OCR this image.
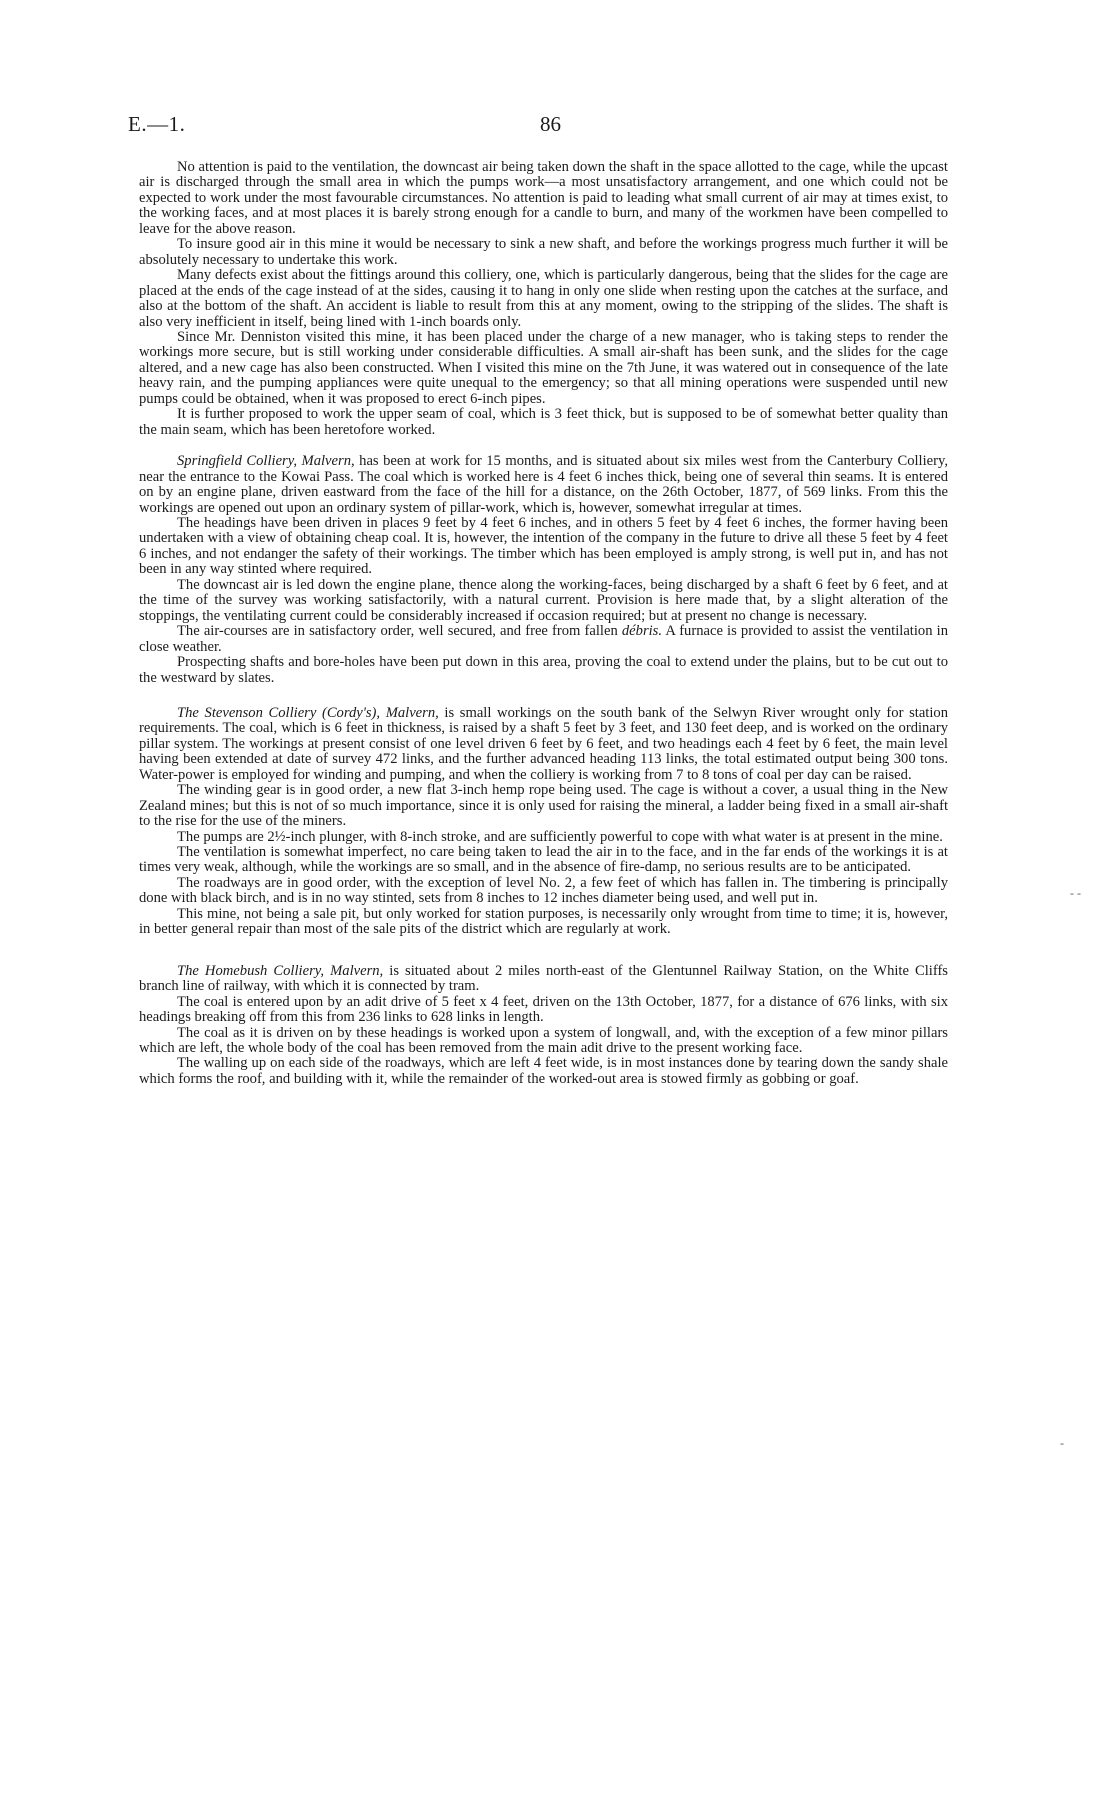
E.—1.	86

No attention is paid to the ventilation, the downcast air being taken down the shaft in the space allotted to the cage, while the upcast air is discharged through the small area in which the pumps work—a most unsatisfactory arrangement, and one which could not be expected to work under the most favourable circumstances. No attention is paid to leading what small current of air may at times exist, to the working faces, and at most places it is barely strong enough for a candle to burn, and many of the workmen have been compelled to leave for the above reason.

To insure good air in this mine it would be necessary to sink a new shaft, and before the workings progress much further it will be absolutely necessary to undertake this work.

Many defects exist about the fittings around this colliery, one, which is particularly dangerous, being that the slides for the cage are placed at the ends of the cage instead of at the sides, causing it to hang in only one slide when resting upon the catches at the surface, and also at the bottom of the shaft. An accident is liable to result from this at any moment, owing to the stripping of the slides. The shaft is also very inefficient in itself, being lined with 1-inch boards only.

Since Mr. Denniston visited this mine, it has been placed under the charge of a new manager, who is taking steps to render the workings more secure, but is still working under considerable difficulties. A small air-shaft has been sunk, and the slides for the cage altered, and a new cage has also been constructed. When I visited this mine on the 7th June, it was watered out in consequence of the late heavy rain, and the pumping appliances were quite unequal to the emergency; so that all mining operations were suspended until new pumps could be obtained, when it was proposed to erect 6-inch pipes.

It is further proposed to work the upper seam of coal, which is 3 feet thick, but is supposed to be of somewhat better quality than the main seam, which has been heretofore worked.

Springfield Colliery, Malvern, has been at work for 15 months, and is situated about six miles west from the Canterbury Colliery, near the entrance to the Kowai Pass. The coal which is worked here is 4 feet 6 inches thick, being one of several thin seams. It is entered on by an engine plane, driven eastward from the face of the hill for a distance, on the 26th October, 1877, of 569 links. From this the workings are opened out upon an ordinary system of pillar-work, which is, however, somewhat irregular at times.

The headings have been driven in places 9 feet by 4 feet 6 inches, and in others 5 feet by 4 feet 6 inches, the former having been undertaken with a view of obtaining cheap coal. It is, however, the intention of the company in the future to drive all these 5 feet by 4 feet 6 inches, and not endanger the safety of their workings. The timber which has been employed is amply strong, is well put in, and has not been in any way stinted where required.

The downcast air is led down the engine plane, thence along the working-faces, being discharged by a shaft 6 feet by 6 feet, and at the time of the survey was working satisfactorily, with a natural current. Provision is here made that, by a slight alteration of the stoppings, the ventilating current could be considerably increased if occasion required; but at present no change is necessary.

The air-courses are in satisfactory order, well secured, and free from fallen débris. A furnace is provided to assist the ventilation in close weather.

Prospecting shafts and bore-holes have been put down in this area, proving the coal to extend under the plains, but to be cut out to the westward by slates.

The Stevenson Colliery (Cordy's), Malvern, is small workings on the south bank of the Selwyn River wrought only for station requirements. The coal, which is 6 feet in thickness, is raised by a shaft 5 feet by 3 feet, and 130 feet deep, and is worked on the ordinary pillar system. The workings at present consist of one level driven 6 feet by 6 feet, and two headings each 4 feet by 6 feet, the main level having been extended at date of survey 472 links, and the further advanced heading 113 links, the total estimated output being 300 tons. Water-power is employed for winding and pumping, and when the colliery is working from 7 to 8 tons of coal per day can be raised.

The winding gear is in good order, a new flat 3-inch hemp rope being used. The cage is without a cover, a usual thing in the New Zealand mines; but this is not of so much importance, since it is only used for raising the mineral, a ladder being fixed in a small air-shaft to the rise for the use of the miners.

The pumps are 2½-inch plunger, with 8-inch stroke, and are sufficiently powerful to cope with what water is at present in the mine.

The ventilation is somewhat imperfect, no care being taken to lead the air in to the face, and in the far ends of the workings it is at times very weak, although, while the workings are so small, and in the absence of fire-damp, no serious results are to be anticipated.

The roadways are in good order, with the exception of level No. 2, a few feet of which has fallen in. The timbering is principally done with black birch, and is in no way stinted, sets from 8 inches to 12 inches diameter being used, and well put in.

This mine, not being a sale pit, but only worked for station purposes, is necessarily only wrought from time to time; it is, however, in better general repair than most of the sale pits of the district which are regularly at work.

The Homebush Colliery, Malvern, is situated about 2 miles north-east of the Glentunnel Railway Station, on the White Cliffs branch line of railway, with which it is connected by tram.

The coal is entered upon by an adit drive of 5 feet x 4 feet, driven on the 13th October, 1877, for a distance of 676 links, with six headings breaking off from this from 236 links to 628 links in length.

The coal as it is driven on by these headings is worked upon a system of longwall, and, with the exception of a few minor pillars which are left, the whole body of the coal has been removed from the main adit drive to the present working face.

The walling up on each side of the roadways, which are left 4 feet wide, is in most instances done by tearing down the sandy shale which forms the roof, and building with it, while the remainder of the worked-out area is stowed firmly as gobbing or goaf.

- -
-
